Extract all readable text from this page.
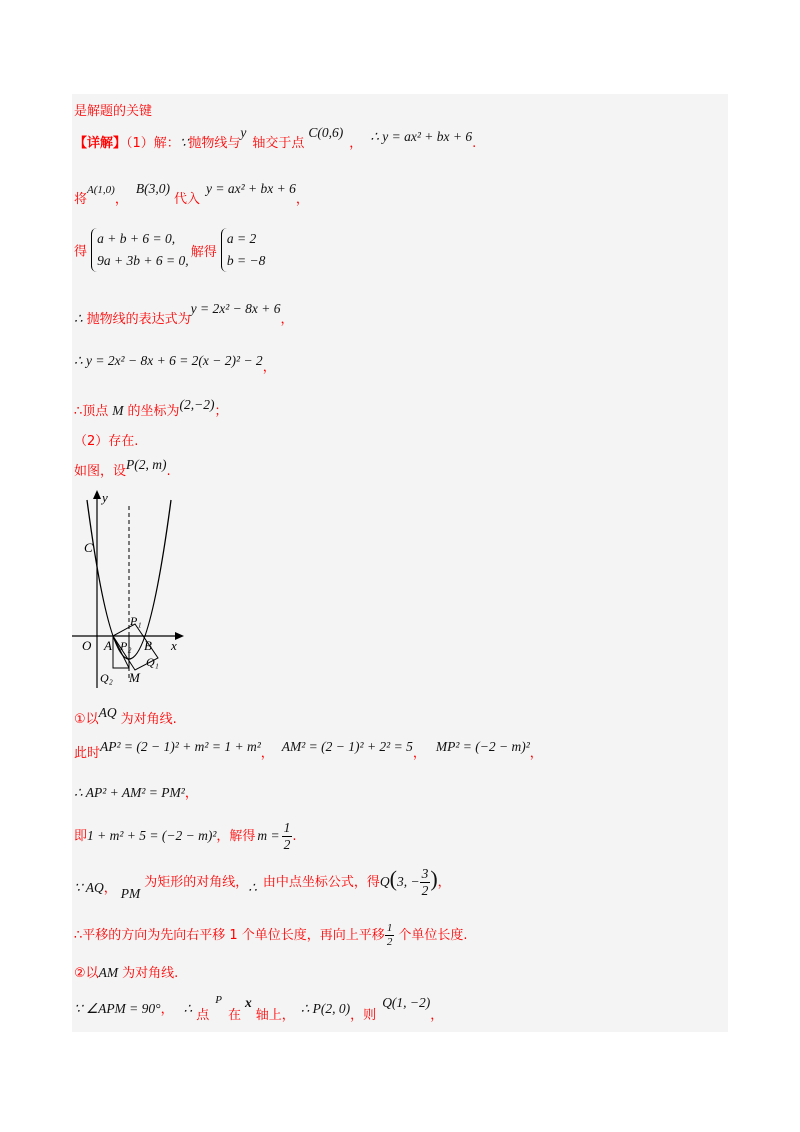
是解题的关键
【详解】（1）解：∵抛物线与y轴交于点C(0,6)， ∴ y = ax² + bx + 6.
将$^{A(1,0)}$，B(3,0)代入y = ax² + bx + 6，
得
a + b + 6 = 0,
9a + 3b + 6 = 0,
解得
a = 2
b = −8
∴ 抛物线的表达式为y = 2x² − 8x + 6，
∴ y = 2x² − 8x + 6 = 2(x − 2)² − 2，
∴顶点 M 的坐标为(2,−2)；
（2）存在.
如图，设P(2, m).
y
x
C
O A B
P₁
P₂
Q₁
Q₂ M
①以AQ 为对角线.
此时AP² = (2 − 1)² + m² = 1 + m²， AM² = (2 − 1)² + 2² = 5， MP² = (−2 − m)²，
∴ AP² + AM² = PM²，
即1 + m² + 5 = (−2 − m)²，解得 $m = \frac{1}{2}$ .
∵ AQ， PM为矩形的对角线，∴ 由中点坐标公式，得Q(3, − $\frac{3}{2}$ )，
∴平移的方向为先向右平移 1 个单位长度，再向上平移 $\frac{1}{2}$ 个单位长度.
②以AM 为对角线.
∵ ∠APM = 90°， ∴ 点$^P$在x轴上， ∴ P(2, 0)，则Q(1, −2)，
